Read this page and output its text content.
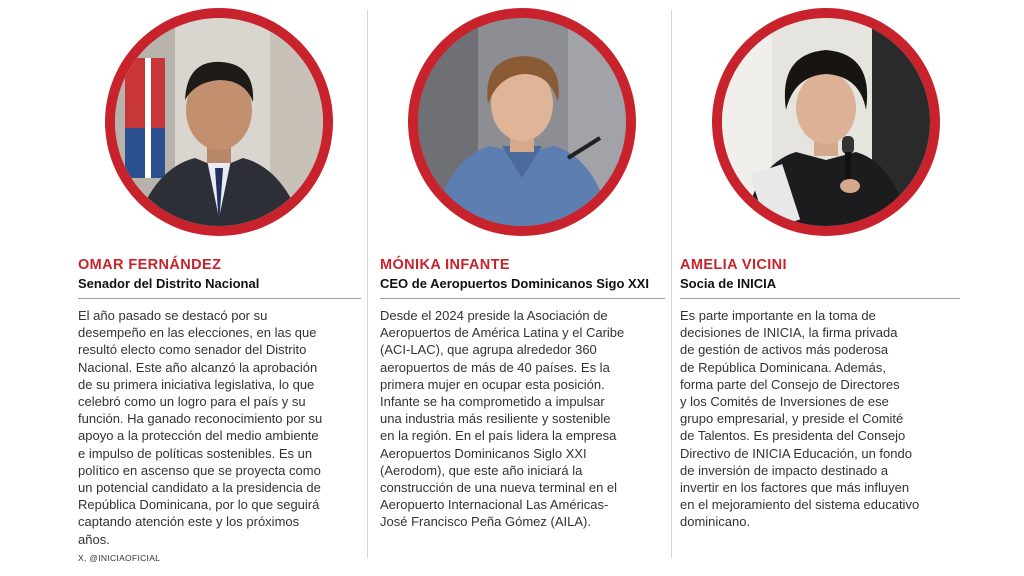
OMAR FERNÁNDEZ
Senador del Distrito Nacional
El año pasado se destacó por su
desempeño en las elecciones, en las que
resultó electo como senador del Distrito
Nacional. Este año alcanzó la aprobación
de su primera iniciativa legislativa, lo que
celebró como un logro para el país y su
función. Ha ganado reconocimiento por su
apoyo a la protección del medio ambiente
e impulso de políticas sostenibles. Es un
político en ascenso que se proyecta como
un potencial candidato a la presidencia de
República Dominicana, por lo que seguirá
captando atención este y los próximos
años.
MÓNIKA INFANTE
CEO de Aeropuertos Dominicanos Sigo XXI
Desde el 2024 preside la Asociación de
Aeropuertos de América Latina y el Caribe
(ACI-LAC), que agrupa alrededor 360
aeropuertos de más de 40 países. Es la
primera mujer en ocupar esta posición.
Infante se ha comprometido a impulsar
una industria más resiliente y sostenible
en la región. En el país lidera la empresa
Aeropuertos Dominicanos Siglo XXI
(Aerodom), que este año iniciará la
construcción de una nueva terminal en el
Aeropuerto Internacional Las Américas-
José Francisco Peña Gómez (AILA).
AMELIA VICINI
Socia de INICIA
Es parte importante en la toma de
decisiones de INICIA, la firma privada
de gestión de activos más poderosa
de República Dominicana. Además,
forma parte del Consejo de Directores
y los Comités de Inversiones de ese
grupo empresarial, y preside el Comité
de Talentos. Es presidenta del Consejo
Directivo de INICIA Educación, un fondo
de inversión de impacto destinado a
invertir en los factores que más influyen
en el mejoramiento del sistema educativo
dominicano.
X, @INICIAOFICIAL
